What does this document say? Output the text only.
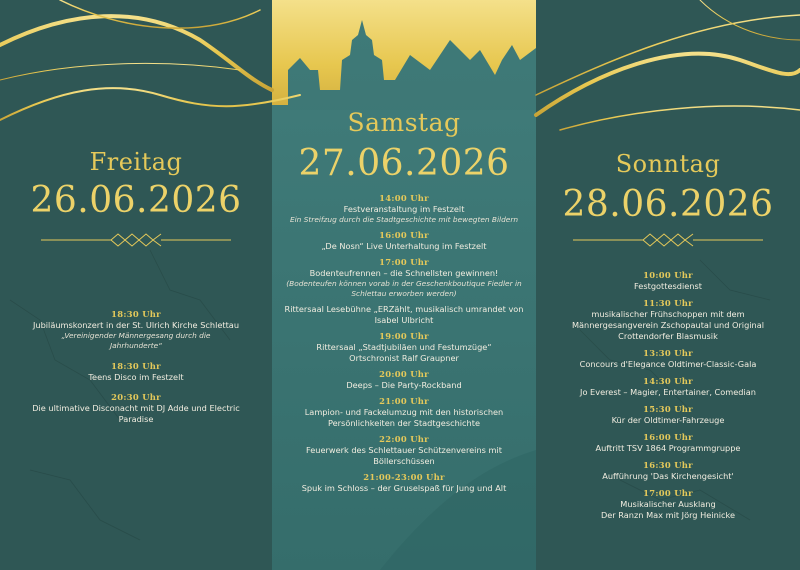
Freitag
26.06.2026
18:30 Uhr
Jubiläumskonzert in der St. Ulrich Kirche Schlettau
„Vereinigender Männergesang durch die Jahrhunderte“
18:30 Uhr
Teens Disco im Festzelt
20:30 Uhr
Die ultimative Disconacht mit DJ Adde und Electric Paradise
Samstag
27.06.2026
14:00 Uhr
Festveranstaltung im Festzelt
Ein Streifzug durch die Stadtgeschichte mit bewegten Bildern
16:00 Uhr
„De Nosn“ Live Unterhaltung im Festzelt
17:00 Uhr
Bodenteufrennen – die Schnellsten gewinnen!
(Bodenteufen können vorab in der Geschenkboutique Fiedler in Schlettau erworben werden)
Rittersaal Lesebühne „ERZählt, musikalisch umrandet von Isabel Ulbricht
19:00 Uhr
Rittersaal „Stadtjubiläen und Festumzüge“ Ortschronist Ralf Graupner
20:00 Uhr
Deeps – Die Party-Rockband
21:00 Uhr
Lampion- und Fackelumzug mit den historischen Persönlichkeiten der Stadtgeschichte
22:00 Uhr
Feuerwerk des Schlettauer Schützenvereins mit Böllerschüssen
21:00-23:00 Uhr
Spuk im Schloss – der Gruselspaß für Jung und Alt
Sonntag
28.06.2026
10:00 Uhr
Festgottesdienst
11:30 Uhr
musikalischer Frühschoppen mit dem Männergesangverein Zschopautal und Original Crottendorfer Blasmusik
13:30 Uhr
Concours d'Elegance Oldtimer-Classic-Gala
14:30 Uhr
Jo Everest – Magier, Entertainer, Comedian
15:30 Uhr
Kür der Oldtimer-Fahrzeuge
16:00 Uhr
Auftritt TSV 1864 Programmgruppe
16:30 Uhr
Aufführung 'Das Kirchengesicht'
17:00 Uhr
Musikalischer Ausklang
Der Ranzn Max mit Jörg Heinicke
